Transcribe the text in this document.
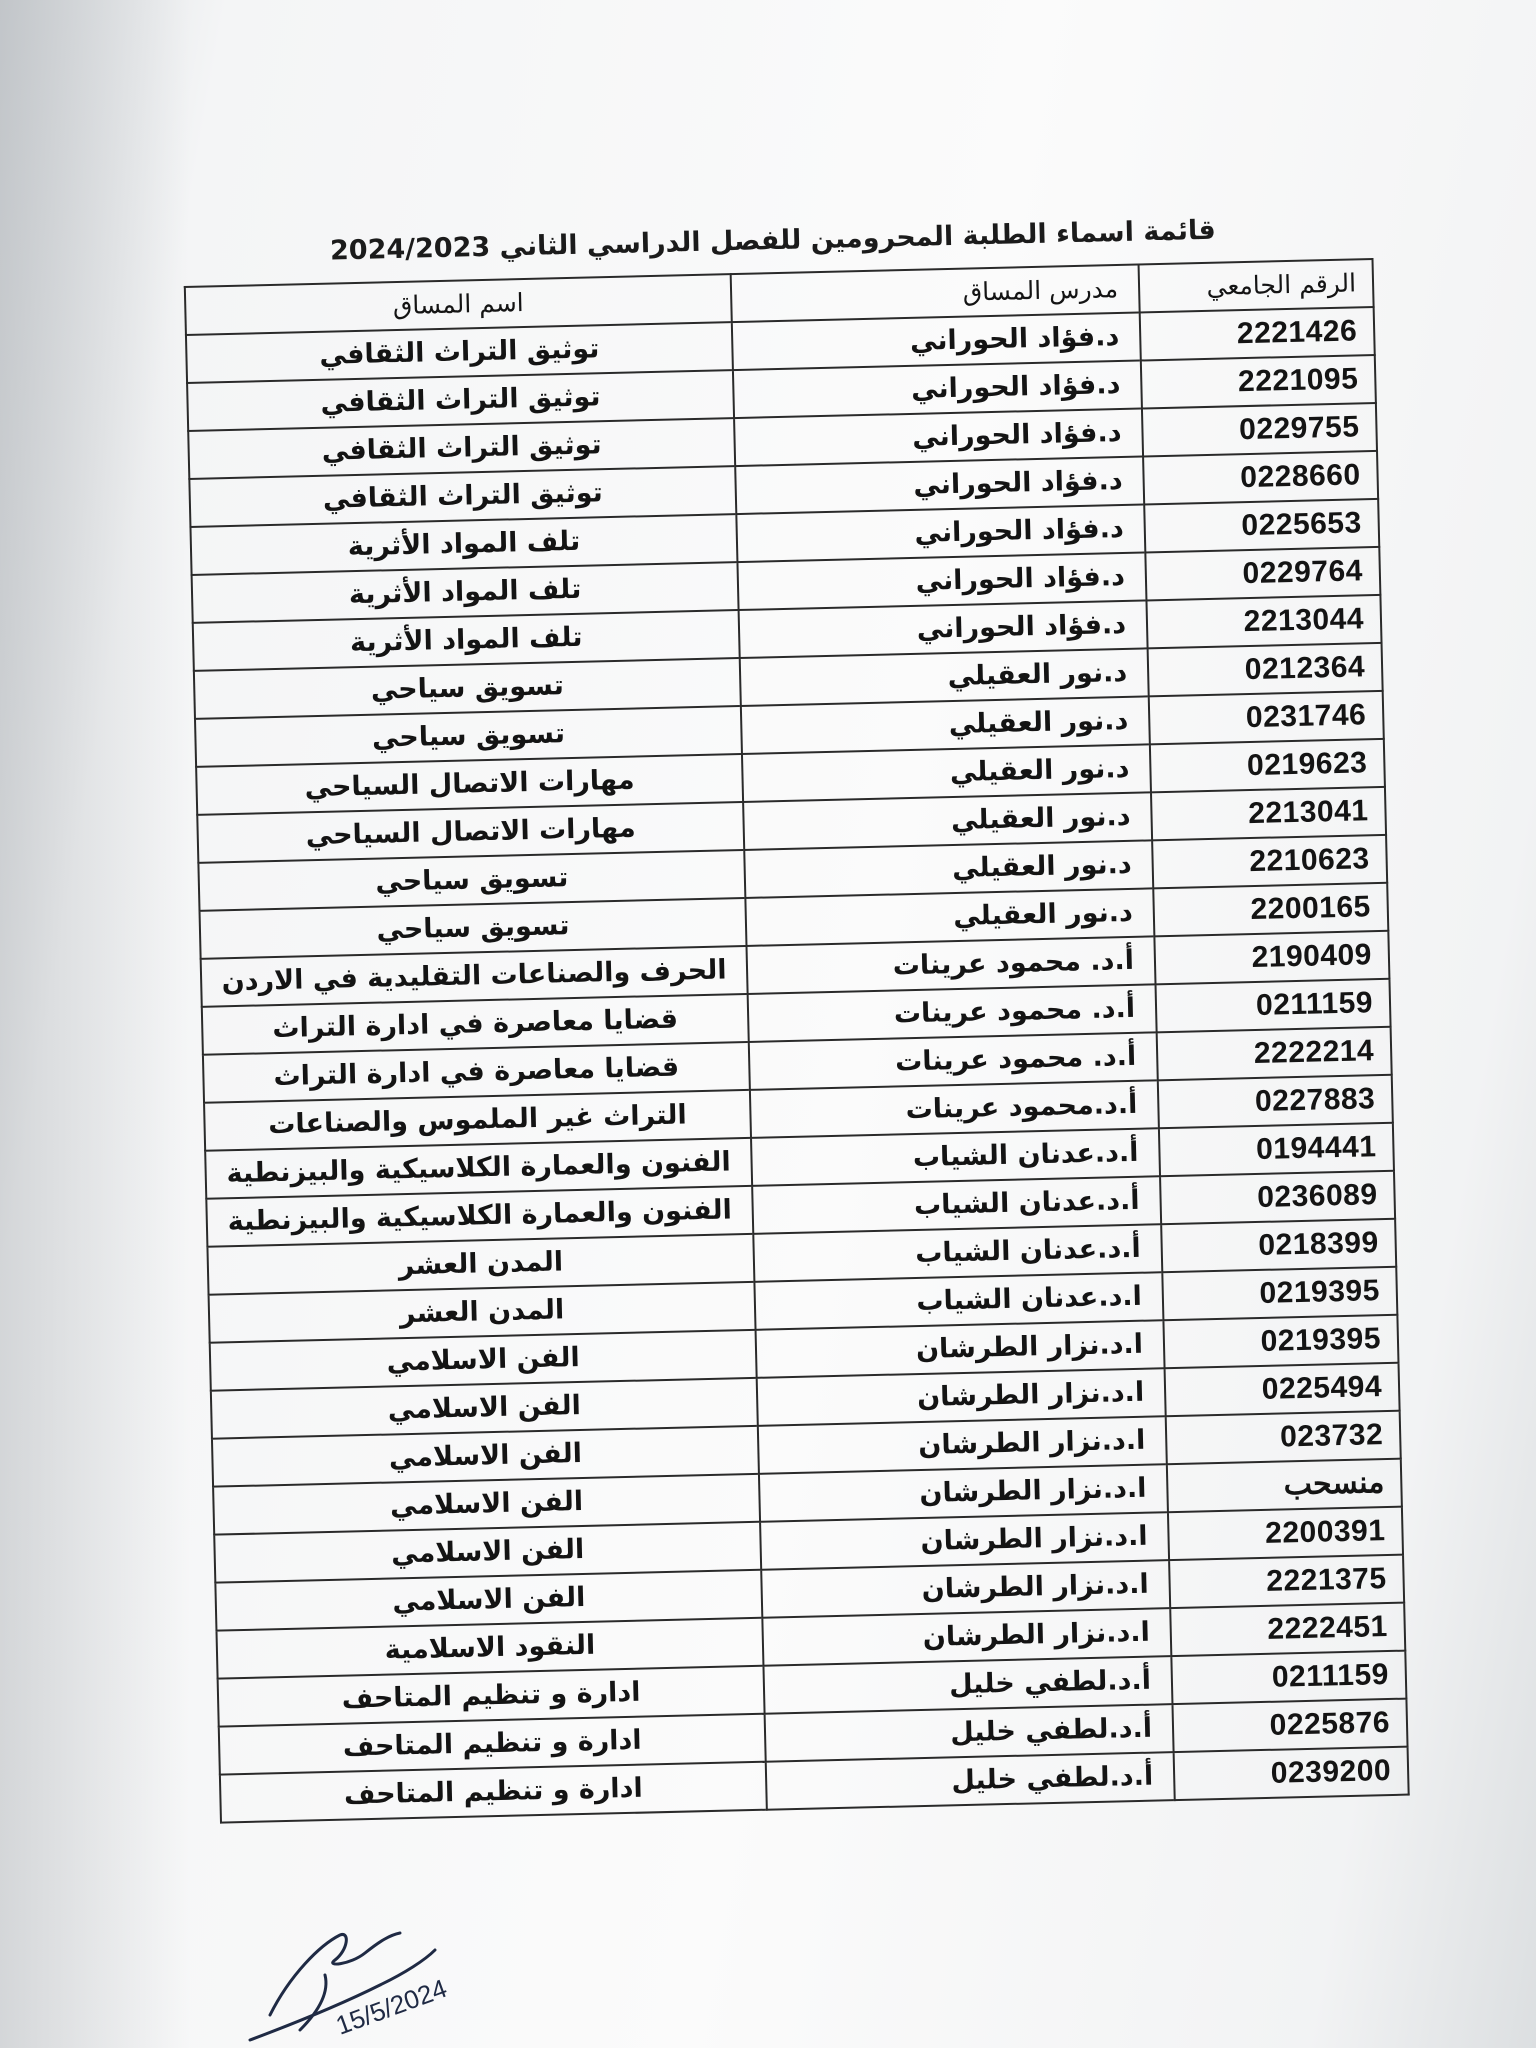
قائمة اسماء الطلبة المحرومين للفصل الدراسي الثاني 2024/2023
الرقم الجامعي	مدرس المساق	اسم المساق
2221426	د.فؤاد الحوراني	توثيق التراث الثقافي
2221095	د.فؤاد الحوراني	توثيق التراث الثقافي
0229755	د.فؤاد الحوراني	توثيق التراث الثقافي
0228660	د.فؤاد الحوراني	توثيق التراث الثقافي
0225653	د.فؤاد الحوراني	تلف المواد الأثرية
0229764	د.فؤاد الحوراني	تلف المواد الأثرية
2213044	د.فؤاد الحوراني	تلف المواد الأثرية
0212364	د.نور العقيلي	تسويق سياحي
0231746	د.نور العقيلي	تسويق سياحي
0219623	د.نور العقيلي	مهارات الاتصال السياحي
2213041	د.نور العقيلي	مهارات الاتصال السياحي
2210623	د.نور العقيلي	تسويق سياحي
2200165	د.نور العقيلي	تسويق سياحي
2190409	أ.د. محمود عرينات	الحرف والصناعات التقليدية في الاردن
0211159	أ.د. محمود عرينات	قضايا معاصرة في ادارة التراث
2222214	أ.د. محمود عرينات	قضايا معاصرة في ادارة التراث
0227883	أ.د.محمود عرينات	التراث غير الملموس والصناعات
0194441	أ.د.عدنان الشياب	الفنون والعمارة الكلاسيكية والبيزنطية
0236089	أ.د.عدنان الشياب	الفنون والعمارة الكلاسيكية والبيزنطية
0218399	أ.د.عدنان الشياب	المدن العشر
0219395	ا.د.عدنان الشياب	المدن العشر
0219395	ا.د.نزار الطرشان	الفن الاسلامي
0225494	ا.د.نزار الطرشان	الفن الاسلامي
023732	ا.د.نزار الطرشان	الفن الاسلامي
منسحب	ا.د.نزار الطرشان	الفن الاسلامي
2200391	ا.د.نزار الطرشان	الفن الاسلامي
2221375	ا.د.نزار الطرشان	الفن الاسلامي
2222451	ا.د.نزار الطرشان	النقود الاسلامية
0211159	أ.د.لطفي خليل	ادارة و تنظيم المتاحف
0225876	أ.د.لطفي خليل	ادارة و تنظيم المتاحف
0239200	أ.د.لطفي خليل	ادارة و تنظيم المتاحف
15/5/2024
